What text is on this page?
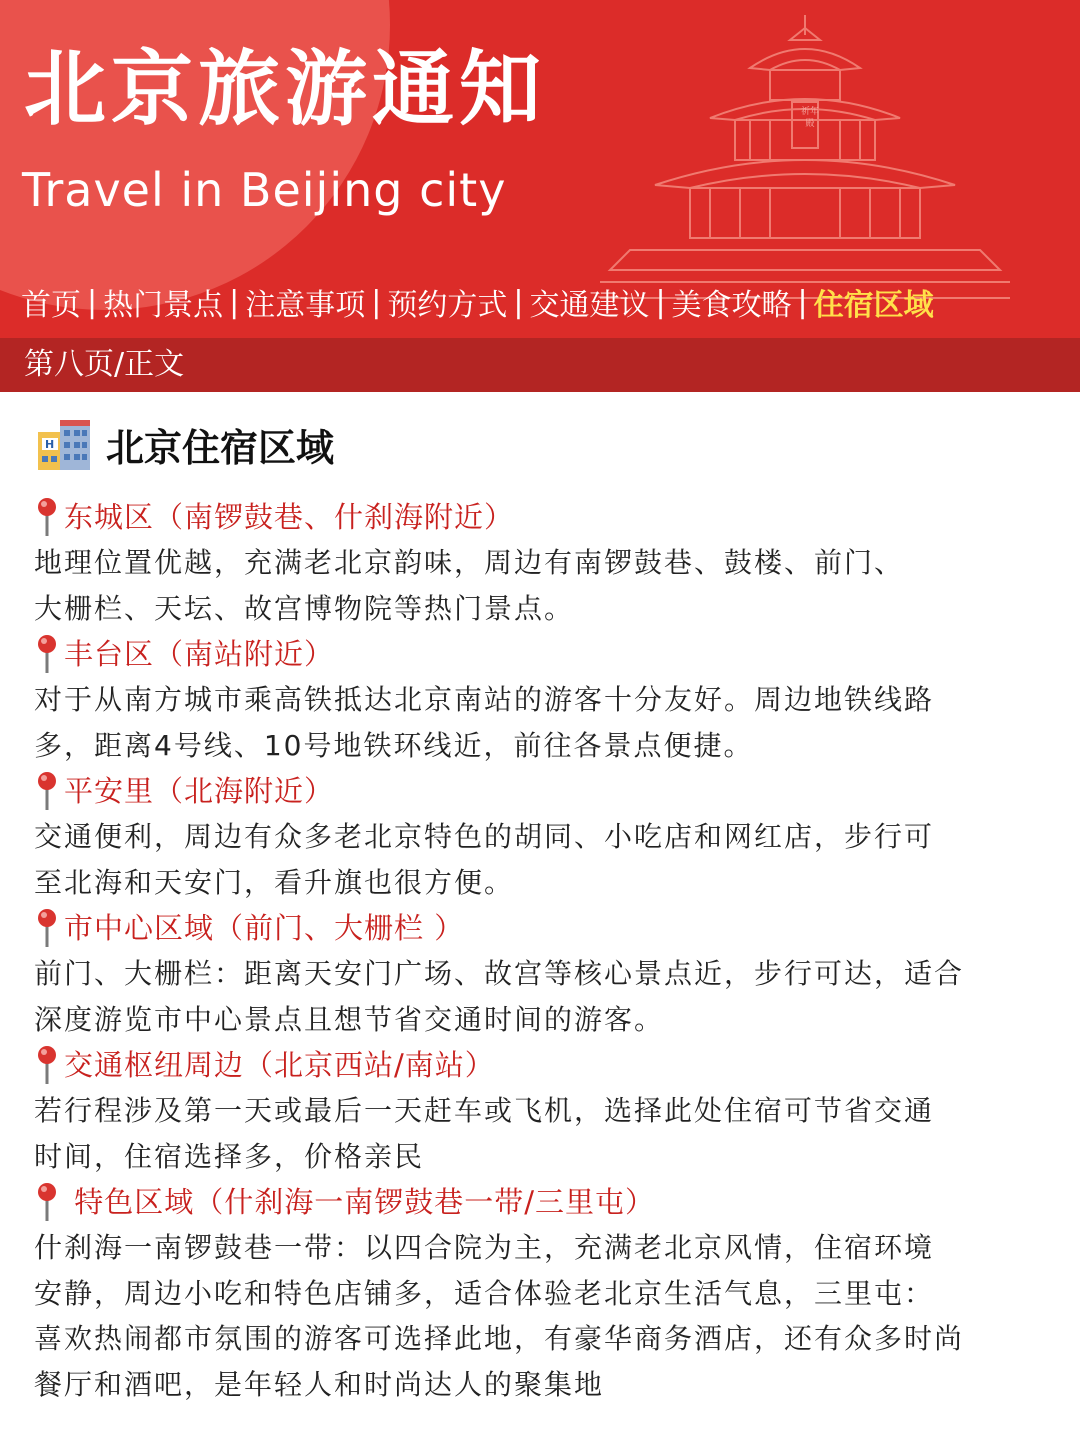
祈年殿
北京旅游通知
Travel in Beijing city
首页 | 热门景点 | 注意事项 | 预约方式 | 交通建议 | 美食攻略 | 住宿区域
第八页/正文
H 北京住宿区域
东城区（南锣鼓巷、什刹海附近）

地理位置优越，充满老北京韵味，周边有南锣鼓巷、鼓楼、前门、

大栅栏、天坛、故宫博物院等热门景点。

丰台区（南站附近）

对于从南方城市乘高铁抵达北京南站的游客十分友好。周边地铁线路

多，距离4号线、10号地铁环线近，前往各景点便捷。

平安里（北海附近）

交通便利，周边有众多老北京特色的胡同、小吃店和网红店，步行可

至北海和天安门，看升旗也很方便。

市中心区域（前门、大栅栏 ）

前门、大栅栏：距离天安门广场、故宫等核心景点近，步行可达，适合

深度游览市中心景点且想节省交通时间的游客。

交通枢纽周边（北京西站/南站）

若行程涉及第一天或最后一天赶车或飞机，选择此处住宿可节省交通

时间，住宿选择多，价格亲民

特色区域（什刹海一南锣鼓巷一带/三里屯）

什刹海一南锣鼓巷一带：以四合院为主，充满老北京风情，住宿环境

安静，周边小吃和特色店铺多，适合体验老北京生活气息，三里屯：

喜欢热闹都市氛围的游客可选择此地，有豪华商务酒店，还有众多时尚

餐厅和酒吧，是年轻人和时尚达人的聚集地
